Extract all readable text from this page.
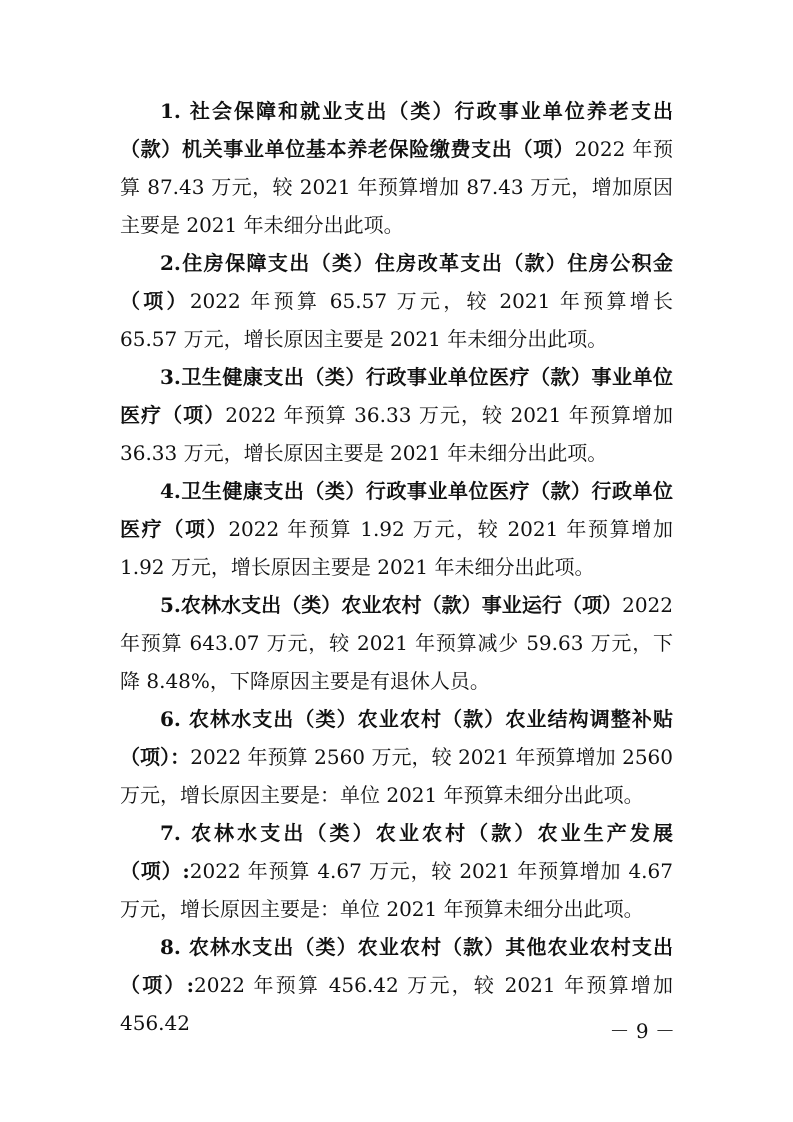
1. 社会保障和就业支出（类）行政事业单位养老支出（款）机关事业单位基本养老保险缴费支出（项）2022 年预算 87.43 万元，较 2021 年预算增加 87.43 万元，增加原因主要是 2021 年未细分出此项。

2.住房保障支出（类）住房改革支出（款）住房公积金（项）2022 年预算 65.57 万元，较 2021 年预算增长 65.57 万元，增长原因主要是 2021 年未细分出此项。

3.卫生健康支出（类）行政事业单位医疗（款）事业单位医疗（项）2022 年预算 36.33 万元，较 2021 年预算增加 36.33 万元，增长原因主要是 2021 年未细分出此项。

4.卫生健康支出（类）行政事业单位医疗（款）行政单位医疗（项）2022 年预算 1.92 万元，较 2021 年预算增加 1.92 万元，增长原因主要是 2021 年未细分出此项。

5.农林水支出（类）农业农村（款）事业运行（项）2022 年预算 643.07 万元，较 2021 年预算减少 59.63 万元，下降 8.48%，下降原因主要是有退休人员。

6. 农林水支出（类）农业农村（款）农业结构调整补贴（项）：2022 年预算 2560 万元，较 2021 年预算增加 2560 万元，增长原因主要是：单位 2021 年预算未细分出此项。

7. 农林水支出（类）农业农村（款）农业生产发展（项）:2022 年预算 4.67 万元，较 2021 年预算增加 4.67 万元，增长原因主要是：单位 2021 年预算未细分出此项。

8. 农林水支出（类）农业农村（款）其他农业农村支出（项）:2022 年预算 456.42 万元，较 2021 年预算增加 456.42	－ 9 －
